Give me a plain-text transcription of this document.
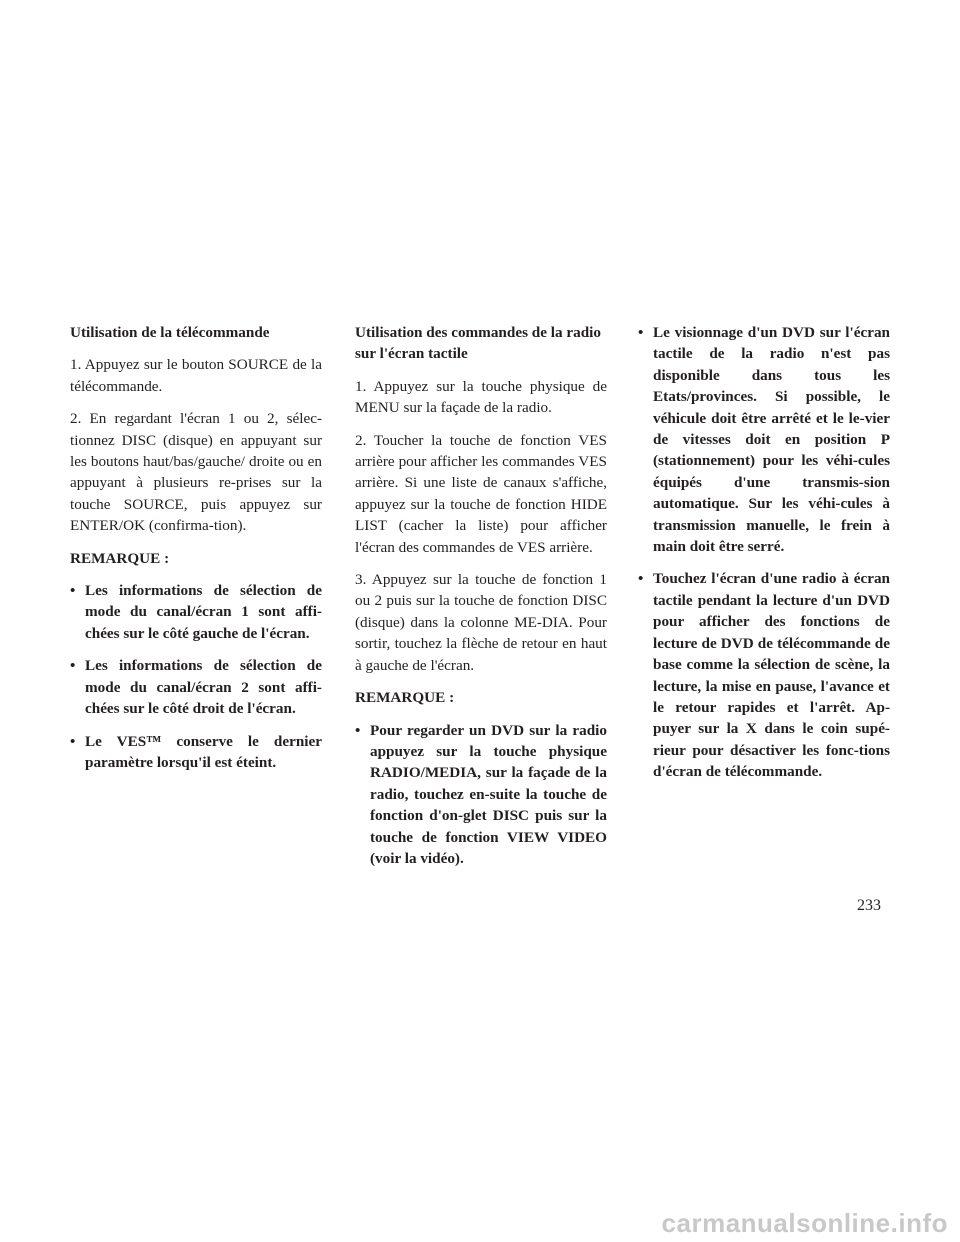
Utilisation de la télécommande

1. Appuyez sur le bouton SOURCE de la télécommande.

2. En regardant l'écran 1 ou 2, sélec-tionnez DISC (disque) en appuyant sur les boutons haut/bas/gauche/ droite ou en appuyant à plusieurs re-prises sur la touche SOURCE, puis appuyez sur ENTER/OK (confirma-tion).

REMARQUE :

• Les informations de sélection de mode du canal/écran 1 sont affi-chées sur le côté gauche de l'écran.
• Les informations de sélection de mode du canal/écran 2 sont affi-chées sur le côté droit de l'écran.
• Le VES™ conserve le dernier paramètre lorsqu'il est éteint.

Utilisation des commandes de la radio sur l'écran tactile

1. Appuyez sur la touche physique de MENU sur la façade de la radio.

2. Toucher la touche de fonction VES arrière pour afficher les commandes VES arrière. Si une liste de canaux s'affiche, appuyez sur la touche de fonction HIDE LIST (cacher la liste) pour afficher l'écran des commandes de VES arrière.

3. Appuyez sur la touche de fonction 1 ou 2 puis sur la touche de fonction DISC (disque) dans la colonne ME-DIA. Pour sortir, touchez la flèche de retour en haut à gauche de l'écran.

REMARQUE :

• Pour regarder un DVD sur la radio appuyez sur la touche physique RADIO/MEDIA, sur la façade de la radio, touchez en-suite la touche de fonction d'on-glet DISC puis sur la touche de fonction VIEW VIDEO (voir la vidéo).
• Le visionnage d'un DVD sur l'écran tactile de la radio n'est pas disponible dans tous les Etats/provinces. Si possible, le véhicule doit être arrêté et le le-vier de vitesses doit en position P (stationnement) pour les véhi-cules équipés d'une transmis-sion automatique. Sur les véhi-cules à transmission manuelle, le frein à main doit être serré.
• Touchez l'écran d'une radio à écran tactile pendant la lecture d'un DVD pour afficher des fonctions de lecture de DVD de télécommande de base comme la sélection de scène, la lecture, la mise en pause, l'avance et le retour rapides et l'arrêt. Ap-puyer sur la X dans le coin supé-rieur pour désactiver les fonc-tions d'écran de télécommande.
233
carmanualsonline.info
